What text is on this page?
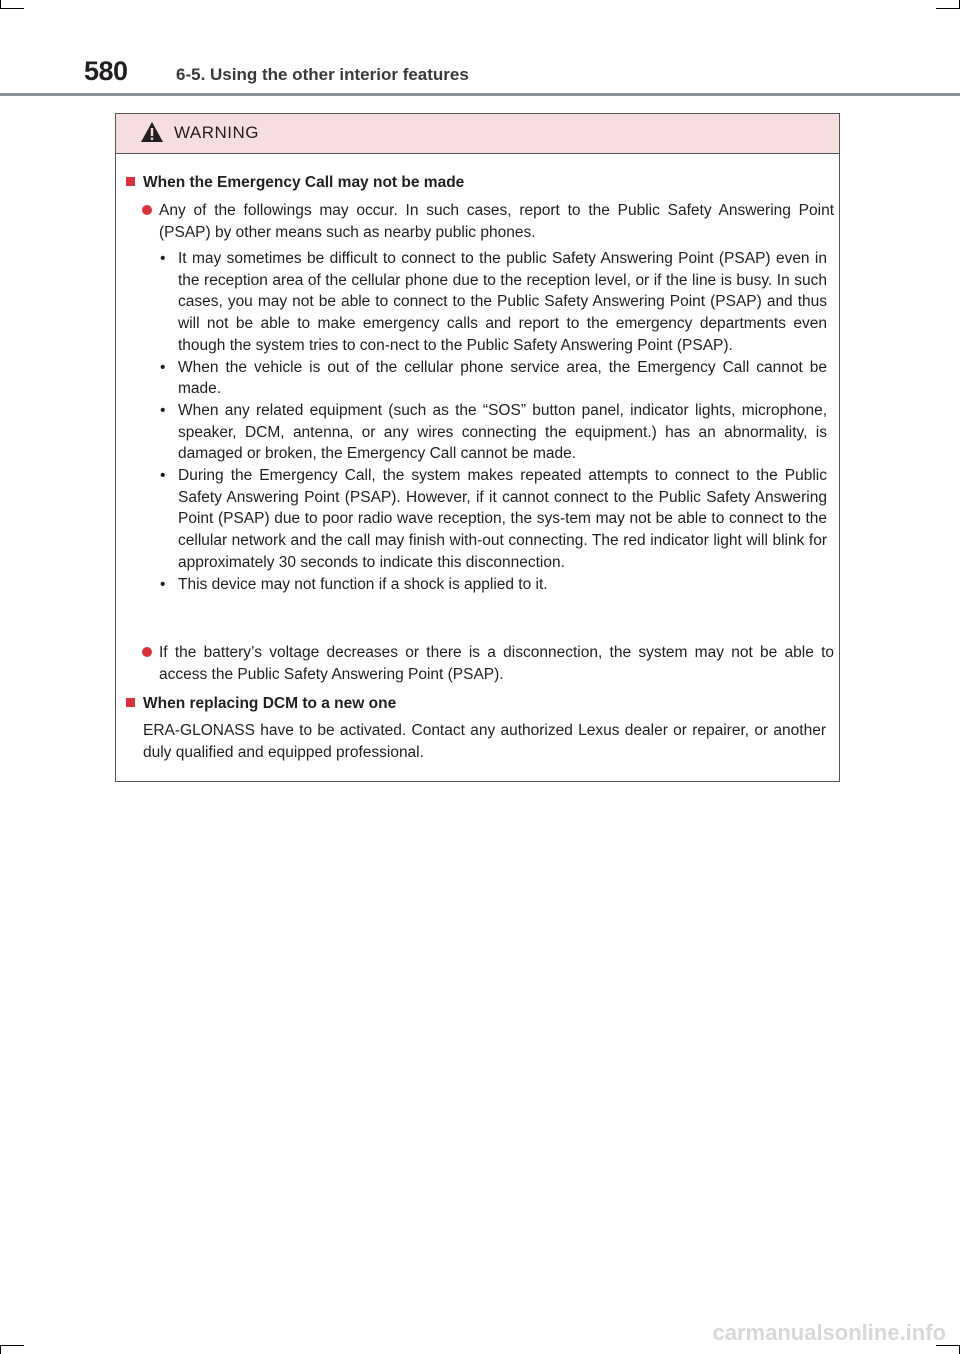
580	6-5. Using the other interior features
WARNING
When the Emergency Call may not be made
Any of the followings may occur. In such cases, report to the Public Safety Answering Point (PSAP) by other means such as nearby public phones.
• It may sometimes be difficult to connect to the public Safety Answering Point (PSAP) even in the reception area of the cellular phone due to the reception level, or if the line is busy. In such cases, you may not be able to connect to the Public Safety Answering Point (PSAP) and thus will not be able to make emergency calls and report to the emergency departments even though the system tries to con-nect to the Public Safety Answering Point (PSAP).
• When the vehicle is out of the cellular phone service area, the Emergency Call cannot be made.
• When any related equipment (such as the “SOS” button panel, indicator lights, microphone, speaker, DCM, antenna, or any wires connecting the equipment.) has an abnormality, is damaged or broken, the Emergency Call cannot be made.
• During the Emergency Call, the system makes repeated attempts to connect to the Public Safety Answering Point (PSAP). However, if it cannot connect to the Public Safety Answering Point (PSAP) due to poor radio wave reception, the sys-tem may not be able to connect to the cellular network and the call may finish with-out connecting. The red indicator light will blink for approximately 30 seconds to indicate this disconnection.
• This device may not function if a shock is applied to it.
If the battery’s voltage decreases or there is a disconnection, the system may not be able to access the Public Safety Answering Point (PSAP).
When replacing DCM to a new one
ERA-GLONASS have to be activated. Contact any authorized Lexus dealer or repairer, or another duly qualified and equipped professional.
carmanualsonline.info
